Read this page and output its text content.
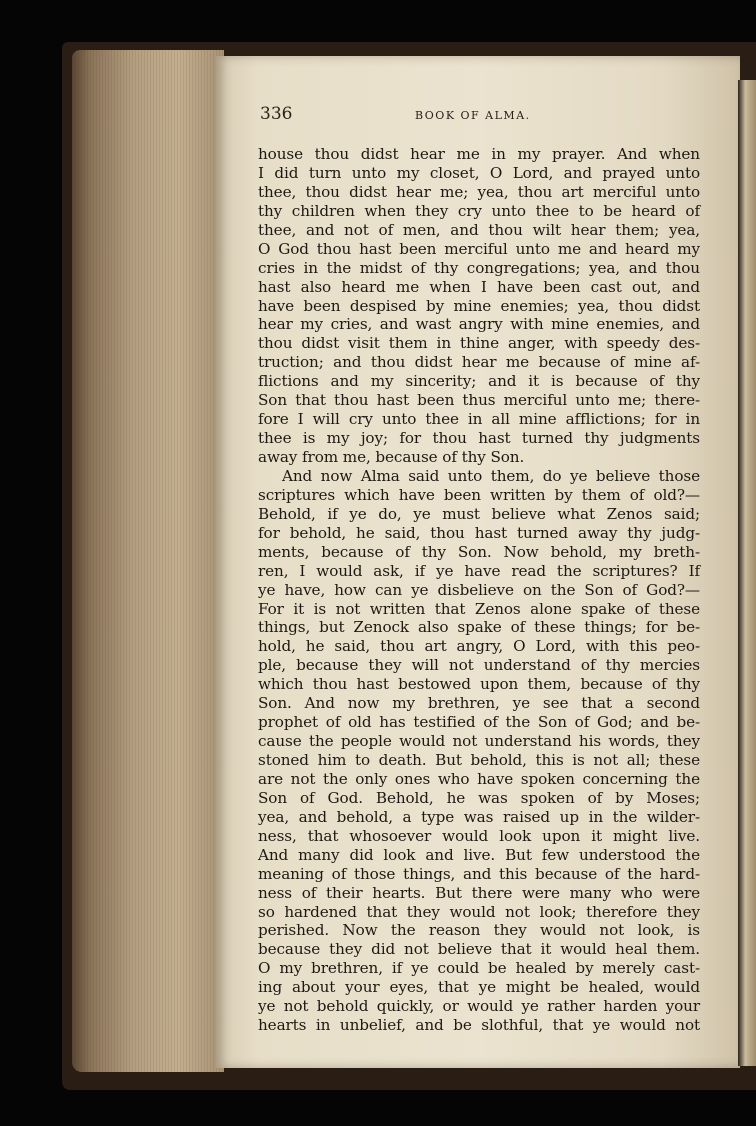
336	BOOK OF ALMA.
house thou didst hear me in my prayer. And when
I did turn unto my closet, O Lord, and prayed unto
thee, thou didst hear me; yea, thou art merciful unto
thy children when they cry unto thee to be heard of
thee, and not of men, and thou wilt hear them; yea,
O God thou hast been merciful unto me and heard my
cries in the midst of thy congregations; yea, and thou
hast also heard me when I have been cast out, and
have been despised by mine enemies; yea, thou didst
hear my cries, and wast angry with mine enemies, and
thou didst visit them in thine anger, with speedy des-
truction; and thou didst hear me because of mine af-
flictions and my sincerity; and it is because of thy
Son that thou hast been thus merciful unto me; there-
fore I will cry unto thee in all mine afflictions; for in
thee is my joy; for thou hast turned thy judgments
away from me, because of thy Son.
And now Alma said unto them, do ye believe those
scriptures which have been written by them of old?—
Behold, if ye do, ye must believe what Zenos said;
for behold, he said, thou hast turned away thy judg-
ments, because of thy Son. Now behold, my breth-
ren, I would ask, if ye have read the scriptures? If
ye have, how can ye disbelieve on the Son of God?—
For it is not written that Zenos alone spake of these
things, but Zenock also spake of these things; for be-
hold, he said, thou art angry, O Lord, with this peo-
ple, because they will not understand of thy mercies
which thou hast bestowed upon them, because of thy
Son. And now my brethren, ye see that a second
prophet of old has testified of the Son of God; and be-
cause the people would not understand his words, they
stoned him to death. But behold, this is not all; these
are not the only ones who have spoken concerning the
Son of God. Behold, he was spoken of by Moses;
yea, and behold, a type was raised up in the wilder-
ness, that whosoever would look upon it might live.
And many did look and live. But few understood the
meaning of those things, and this because of the hard-
ness of their hearts. But there were many who were
so hardened that they would not look; therefore they
perished. Now the reason they would not look, is
because they did not believe that it would heal them.
O my brethren, if ye could be healed by merely cast-
ing about your eyes, that ye might be healed, would
ye not behold quickly, or would ye rather harden your
hearts in unbelief, and be slothful, that ye would not
